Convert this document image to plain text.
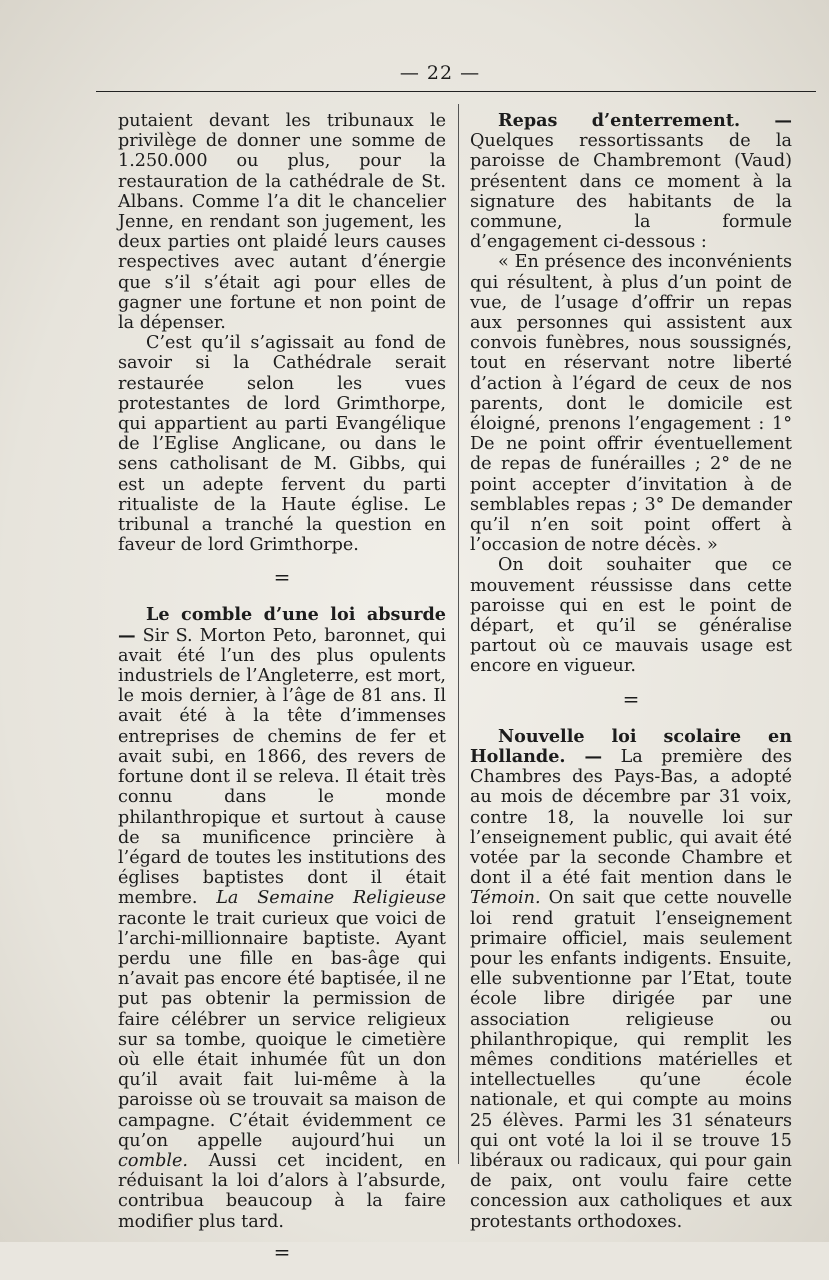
— 22 —

putaient devant les tribunaux le privilège de donner une somme de 1.250.000 ou plus, pour la restauration de la cathédrale de St. Albans. Comme l’a dit le chancelier Jenne, en rendant son jugement, les deux parties ont plaidé leurs causes respectives avec autant d’énergie que s’il s’était agi pour elles de gagner une fortune et non point de la dépenser.

C’est qu’il s’agissait au fond de savoir si la Cathédrale serait restaurée selon les vues protestantes de lord Grimthorpe, qui appartient au parti Evangélique de l’Eglise Anglicane, ou dans le sens catholisant de M. Gibbs, qui est un adepte fervent du parti ritualiste de la Haute église. Le tribunal a tranché la question en faveur de lord Grimthorpe.

=

Le comble d’une loi absurde — Sir S. Morton Peto, baronnet, qui avait été l’un des plus opulents industriels de l’Angleterre, est mort, le mois dernier, à l’âge de 81 ans. Il avait été à la tête d’immenses entreprises de chemins de fer et avait subi, en 1866, des revers de fortune dont il se releva. Il était très connu dans le monde philanthropique et surtout à cause de sa munificence princière à l’égard de toutes les institutions des églises baptistes dont il était membre. La Semaine Religieuse raconte le trait curieux que voici de l’archi-millionnaire baptiste. Ayant perdu une fille en bas-âge qui n’avait pas encore été baptisée, il ne put pas obtenir la permission de faire célébrer un service religieux sur sa tombe, quoique le cimetière où elle était inhumée fût un don qu’il avait fait lui-même à la paroisse où se trouvait sa maison de campagne. C’était évidemment ce qu’on appelle aujourd’hui un comble. Aussi cet incident, en réduisant la loi d’alors à l’absurde, contribua beaucoup à la faire modifier plus tard.

=

Repas d’enterrement. — Quelques ressortissants de la paroisse de Chambremont (Vaud) présentent dans ce moment à la signature des habitants de la commune, la formule d’engagement ci-dessous :

« En présence des inconvénients qui résultent, à plus d’un point de vue, de l’usage d’offrir un repas aux personnes qui assistent aux convois funèbres, nous soussignés, tout en réservant notre liberté d’action à l’égard de ceux de nos parents, dont le domicile est éloigné, prenons l’engagement : 1° De ne point offrir éventuellement de repas de funérailles ; 2° de ne point accepter d’invitation à de semblables repas ; 3° De demander qu’il n’en soit point offert à l’occasion de notre décès. »

On doit souhaiter que ce mouvement réussisse dans cette paroisse qui en est le point de départ, et qu’il se généralise partout où ce mauvais usage est encore en vigueur.

=

Nouvelle loi scolaire en Hollande. — La première des Chambres des Pays-Bas, a adopté au mois de décembre par 31 voix, contre 18, la nouvelle loi sur l’enseignement public, qui avait été votée par la seconde Chambre et dont il a été fait mention dans le Témoin. On sait que cette nouvelle loi rend gratuit l’enseignement primaire officiel, mais seulement pour les enfants indigents. Ensuite, elle subventionne par l’Etat, toute école libre dirigée par une association religieuse ou philanthropique, qui remplit les mêmes conditions matérielles et intellectuelles qu’une école nationale, et qui compte au moins 25 élèves. Parmi les 31 sénateurs qui ont voté la loi il se trouve 15 libéraux ou radicaux, qui pour gain de paix, ont voulu faire cette concession aux catholiques et aux protestants orthodoxes.
